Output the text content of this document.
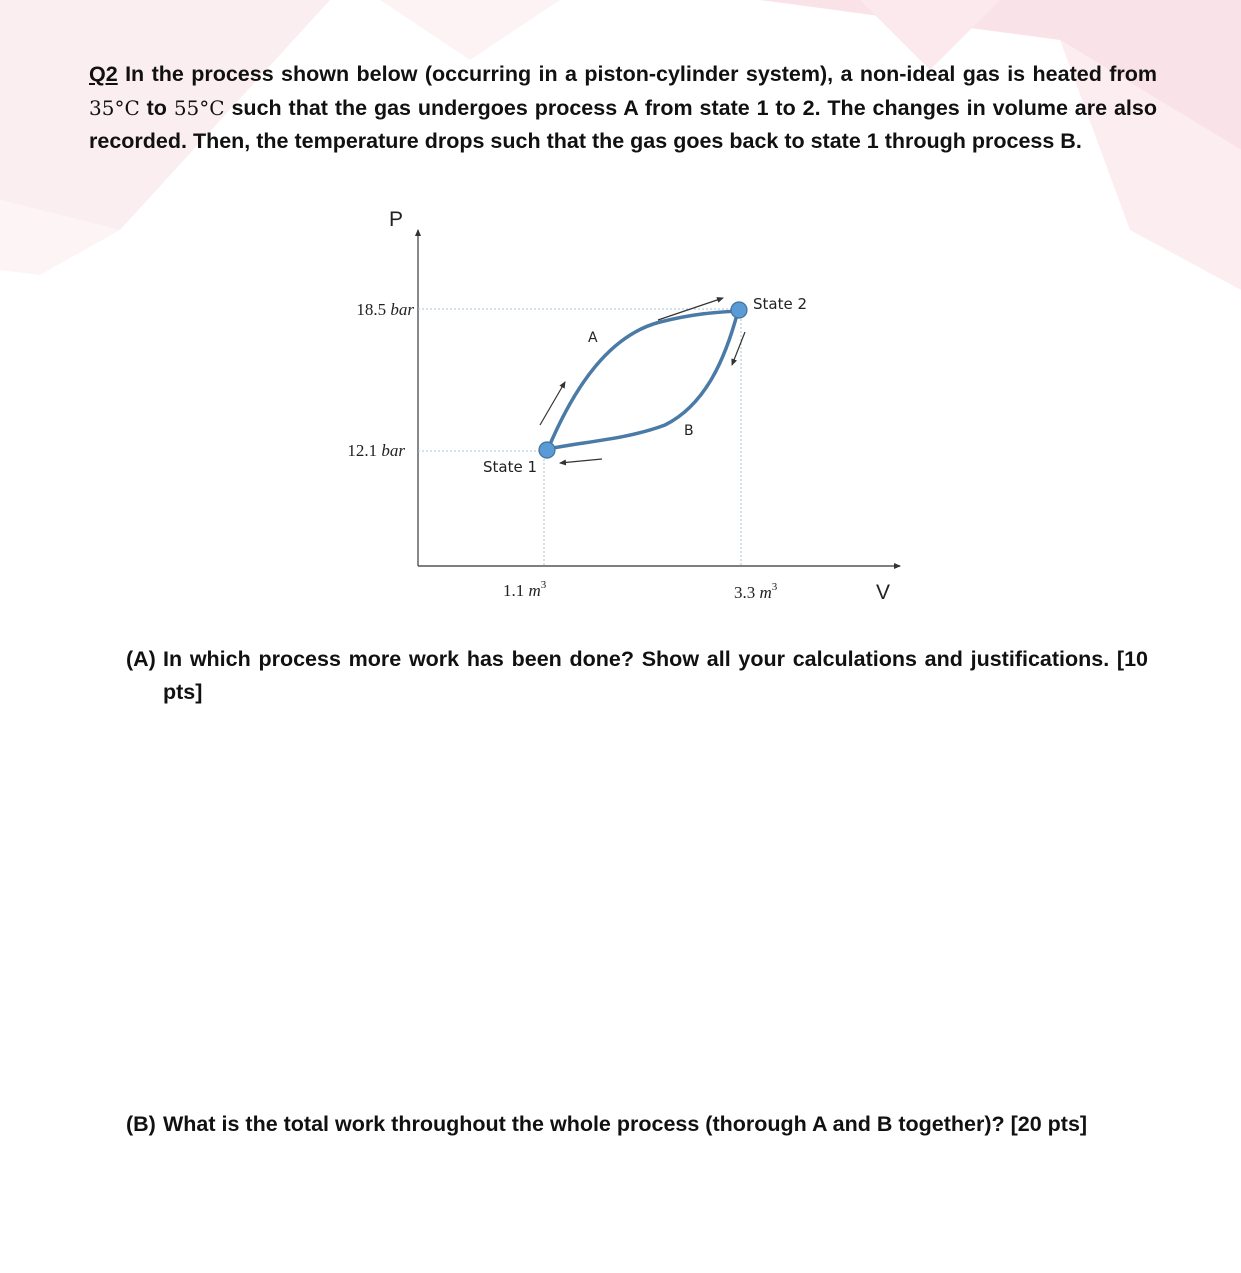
Q2 In the process shown below (occurring in a piston-cylinder system), a non-ideal gas is heated from 35°C to 55°C such that the gas undergoes process A from state 1 to 2. The changes in volume are also recorded. Then, the temperature drops such that the gas goes back to state 1 through process B.
P
V
18.5 bar
12.1 bar
1.1 $m^3$	3.3 $m^3$
State 1
State 2
A
B
(A) In which process more work has been done? Show all your calculations and justifications. [10 pts]
(B) What is the total work throughout the whole process (thorough A and B together)? [20 pts]
